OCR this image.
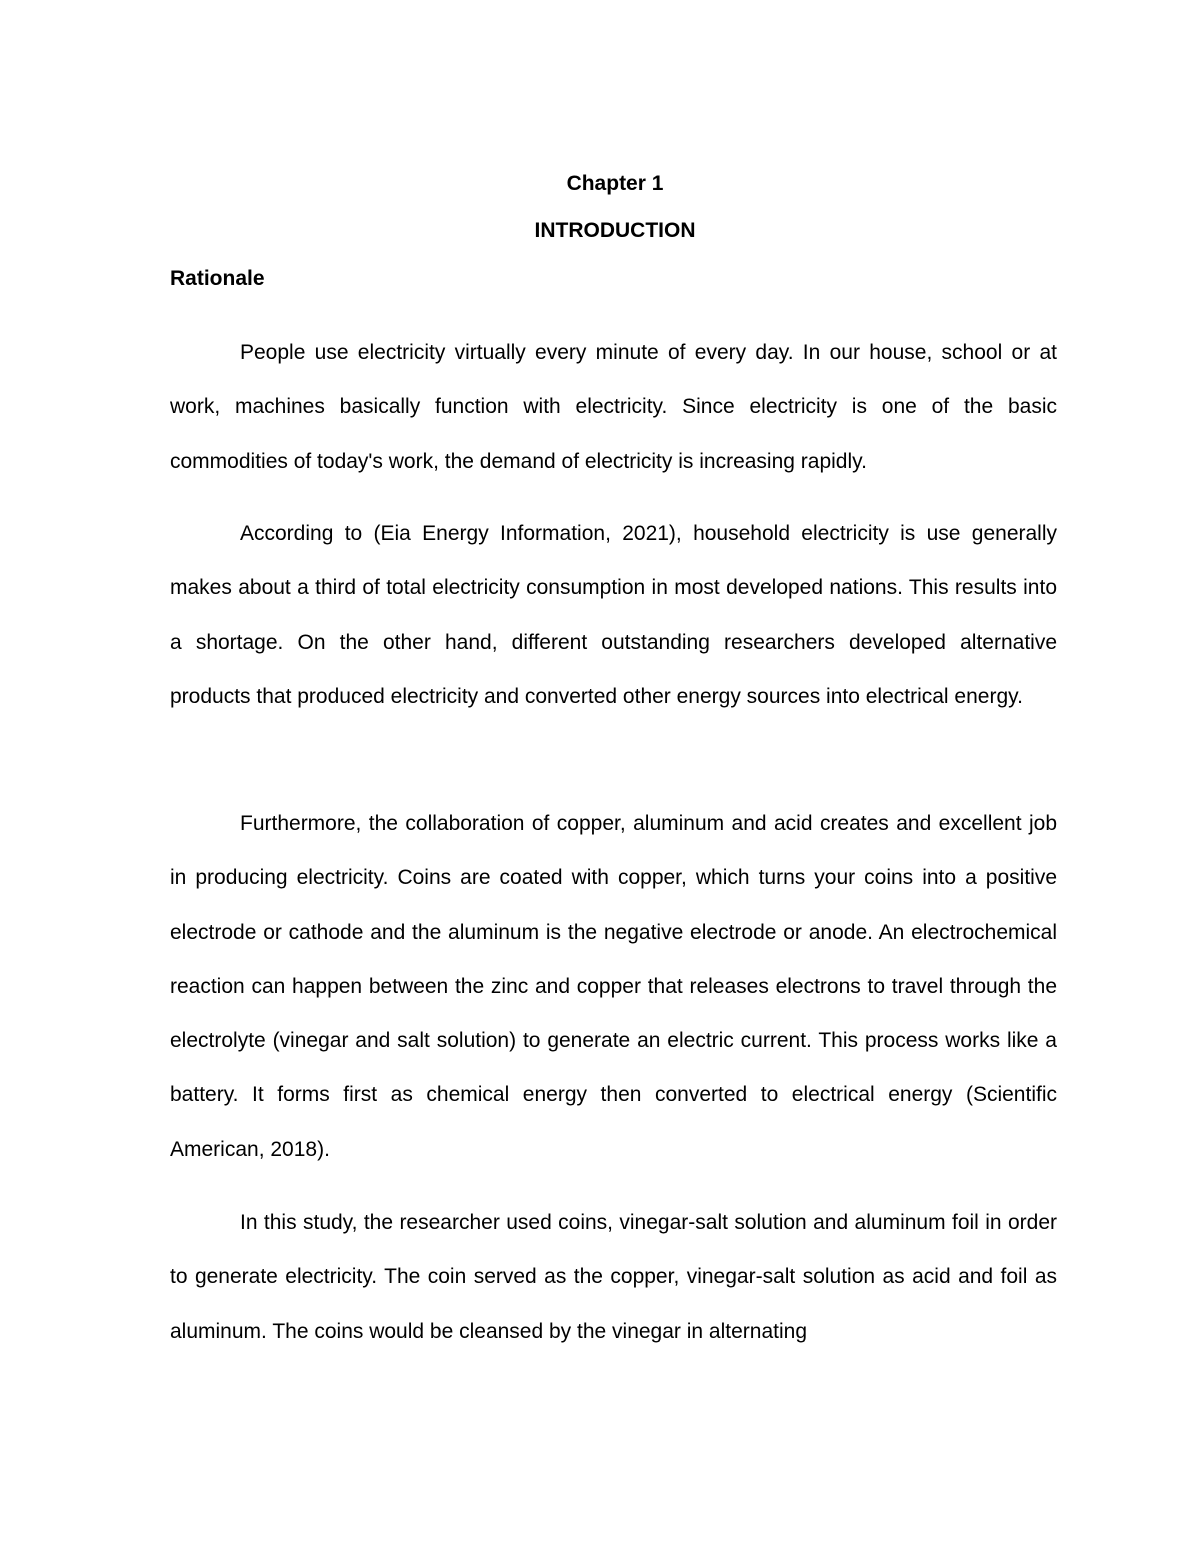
Chapter 1
INTRODUCTION
Rationale

People use electricity virtually every minute of every day. In our house, school or at work, machines basically function with electricity. Since electricity is one of the basic commodities of today's work, the demand of electricity is increasing rapidly.

According to (Eia Energy Information, 2021), household electricity is use generally makes about a third of total electricity consumption in most developed nations. This results into a shortage. On the other hand, different outstanding researchers developed alternative products that produced electricity and converted other energy sources into electrical energy.

Furthermore, the collaboration of copper, aluminum and acid creates and excellent job in producing electricity. Coins are coated with copper, which turns your coins into a positive electrode or cathode and the aluminum is the negative electrode or anode. An electrochemical reaction can happen between the zinc and copper that releases electrons to travel through the electrolyte (vinegar and salt solution) to generate an electric current. This process works like a battery. It forms first as chemical energy then converted to electrical energy (Scientific American, 2018).

In this study, the researcher used coins, vinegar-salt solution and aluminum foil in order to generate electricity. The coin served as the copper, vinegar-salt solution as acid and foil as aluminum. The coins would be cleansed by the vinegar in alternating
